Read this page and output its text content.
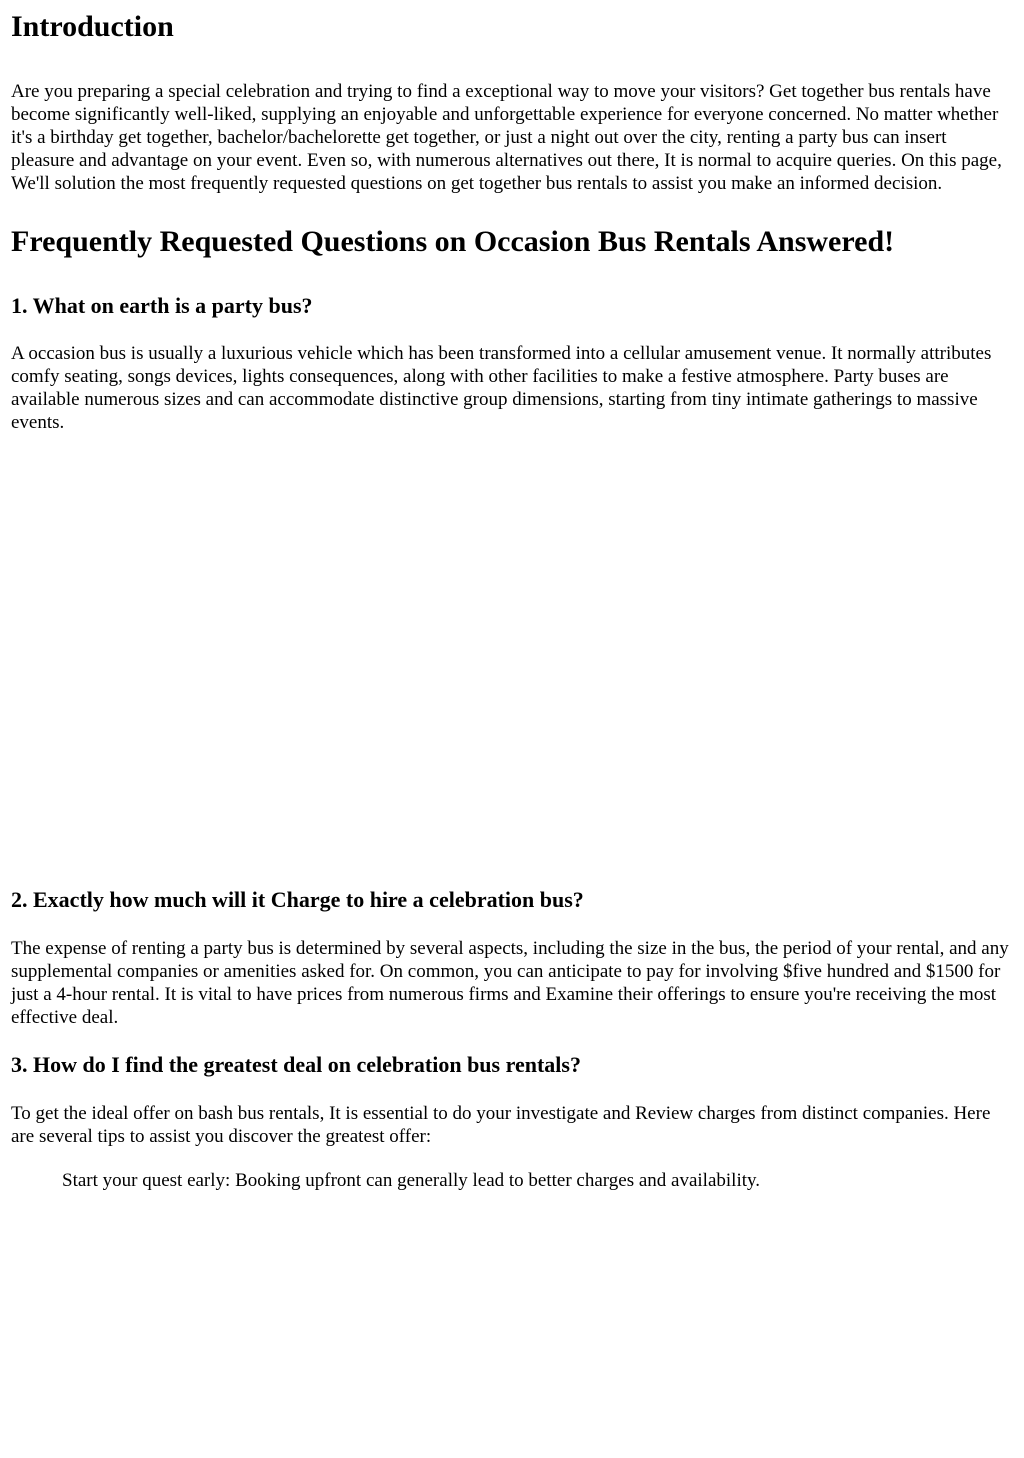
Introduction

Are you preparing a special celebration and trying to find a exceptional way to move your visitors? Get together bus rentals have become significantly well-liked, supplying an enjoyable and unforgettable experience for everyone concerned. No matter whether it's a birthday get together, bachelor/bachelorette get together, or just a night out over the city, renting a party bus can insert pleasure and advantage on your event. Even so, with numerous alternatives out there, It is normal to acquire queries. On this page, We'll solution the most frequently requested questions on get together bus rentals to assist you make an informed decision.

Frequently Requested Questions on Occasion Bus Rentals Answered!
1. What on earth is a party bus?

A occasion bus is usually a luxurious vehicle which has been transformed into a cellular amusement venue. It normally attributes comfy seating, songs devices, lights consequences, along with other facilities to make a festive atmosphere. Party buses are available numerous sizes and can accommodate distinctive group dimensions, starting from tiny intimate gatherings to massive events.

2. Exactly how much will it Charge to hire a celebration bus?

The expense of renting a party bus is determined by several aspects, including the size in the bus, the period of your rental, and any supplemental companies or amenities asked for. On common, you can anticipate to pay for involving $five hundred and $1500 for just a 4-hour rental. It is vital to have prices from numerous firms and Examine their offerings to ensure you're receiving the most effective deal.

3. How do I find the greatest deal on celebration bus rentals?

To get the ideal offer on bash bus rentals, It is essential to do your investigate and Review charges from distinct companies. Here are several tips to assist you discover the greatest offer:

Start your quest early: Booking upfront can generally lead to better charges and availability.
